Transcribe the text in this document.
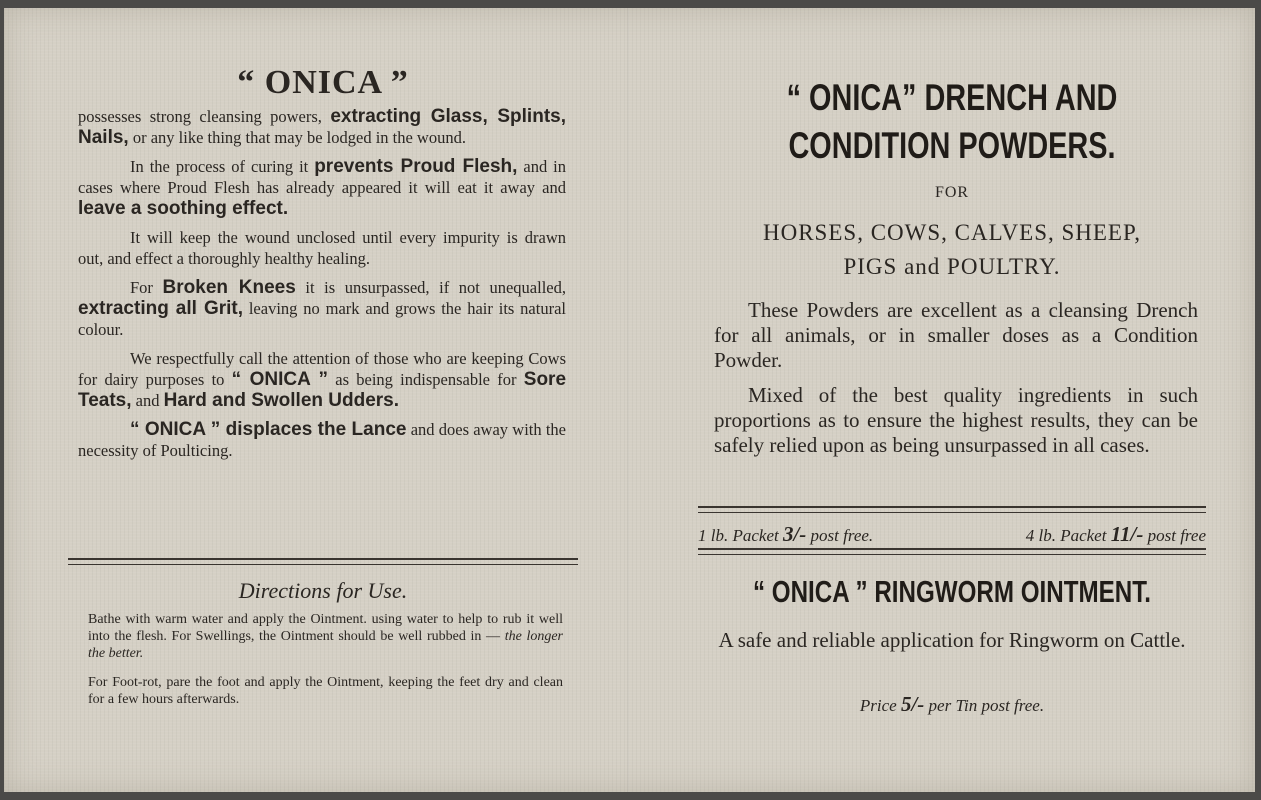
“ ONICA ”

possesses strong cleansing powers, extracting Glass, Splints, Nails, or any like thing that may be lodged in the wound.

In the process of curing it prevents Proud Flesh, and in cases where Proud Flesh has already appeared it will eat it away and leave a soothing effect.

It will keep the wound unclosed until every impurity is drawn out, and effect a thoroughly healthy healing.

For Broken Knees it is unsurpassed, if not unequalled, extracting all Grit, leaving no mark and grows the hair its natural colour.

We respectfully call the attention of those who are keeping Cows for dairy purposes to “ ONICA ” as being indispensable for Sore Teats, and Hard and Swollen Udders.

“ ONICA ” displaces the Lance and does away with the necessity of Poulticing.

Directions for Use.

Bathe with warm water and apply the Ointment. using water to help to rub it well into the flesh. For Swellings, the Ointment should be well rubbed in — the longer the better.

For Foot-rot, pare the foot and apply the Ointment, keeping the feet dry and clean for a few hours afterwards.

“ ONICA” DRENCH AND
CONDITION POWDERS.
FOR
HORSES, COWS, CALVES, SHEEP,
PIGS and POULTRY.

These Powders are excellent as a cleansing Drench for all animals, or in smaller doses as a Condition Powder.

Mixed of the best quality ingredients in such proportions as to ensure the highest results, they can be safely relied upon as being unsurpassed in all cases.

1 lb. Packet 3/- post free.	4 lb. Packet 11/- post free
“ ONICA ” RINGWORM OINTMENT.
A safe and reliable application for Ringworm on Cattle.
Price 5/- per Tin post free.
